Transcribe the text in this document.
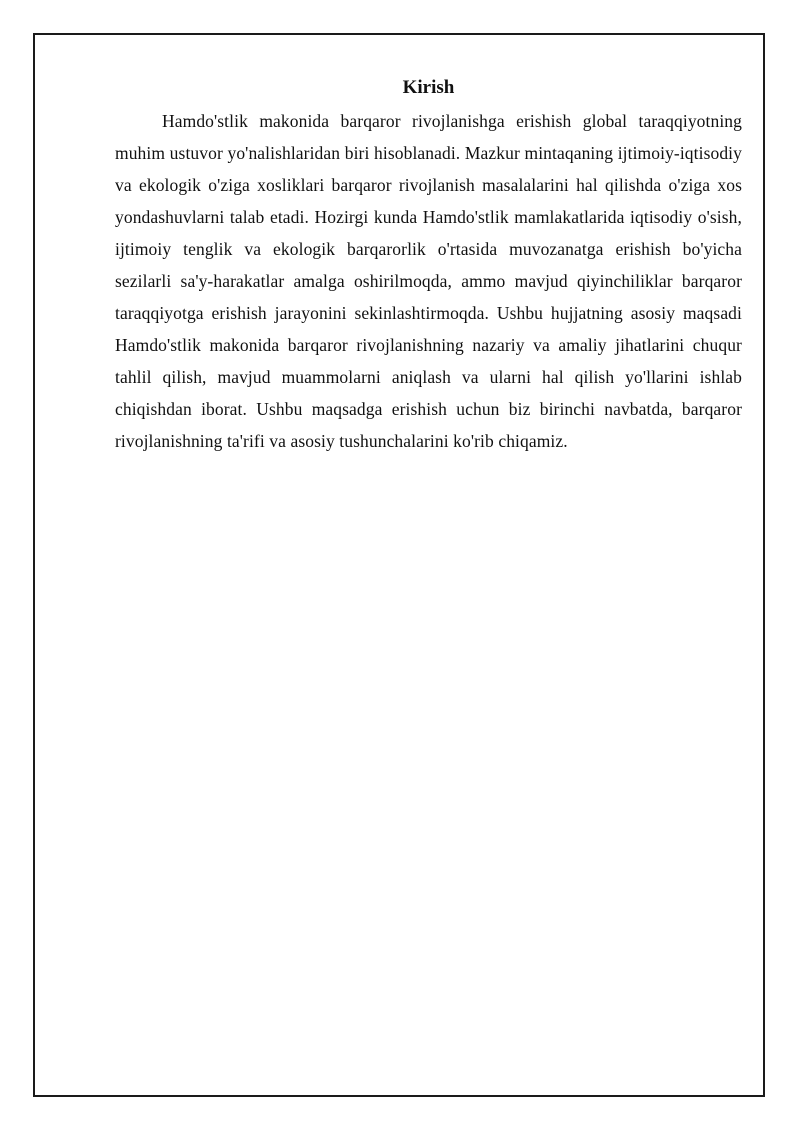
Kirish

Hamdo'stlik makonida barqaror rivojlanishga erishish global taraqqiyotning muhim ustuvor yo'nalishlaridan biri hisoblanadi. Mazkur mintaqaning ijtimoiy-iqtisodiy va ekologik o'ziga xosliklari barqaror rivojlanish masalalarini hal qilishda o'ziga xos yondashuvlarni talab etadi. Hozirgi kunda Hamdo'stlik mamlakatlarida iqtisodiy o'sish, ijtimoiy tenglik va ekologik barqarorlik o'rtasida muvozanatga erishish bo'yicha sezilarli sa'y-harakatlar amalga oshirilmoqda, ammo mavjud qiyinchiliklar barqaror taraqqiyotga erishish jarayonini sekinlashtirmoqda. Ushbu hujjatning asosiy maqsadi Hamdo'stlik makonida barqaror rivojlanishning nazariy va amaliy jihatlarini chuqur tahlil qilish, mavjud muammolarni aniqlash va ularni hal qilish yo'llarini ishlab chiqishdan iborat. Ushbu maqsadga erishish uchun biz birinchi navbatda, barqaror rivojlanishning ta'rifi va asosiy tushunchalarini ko'rib chiqamiz.
